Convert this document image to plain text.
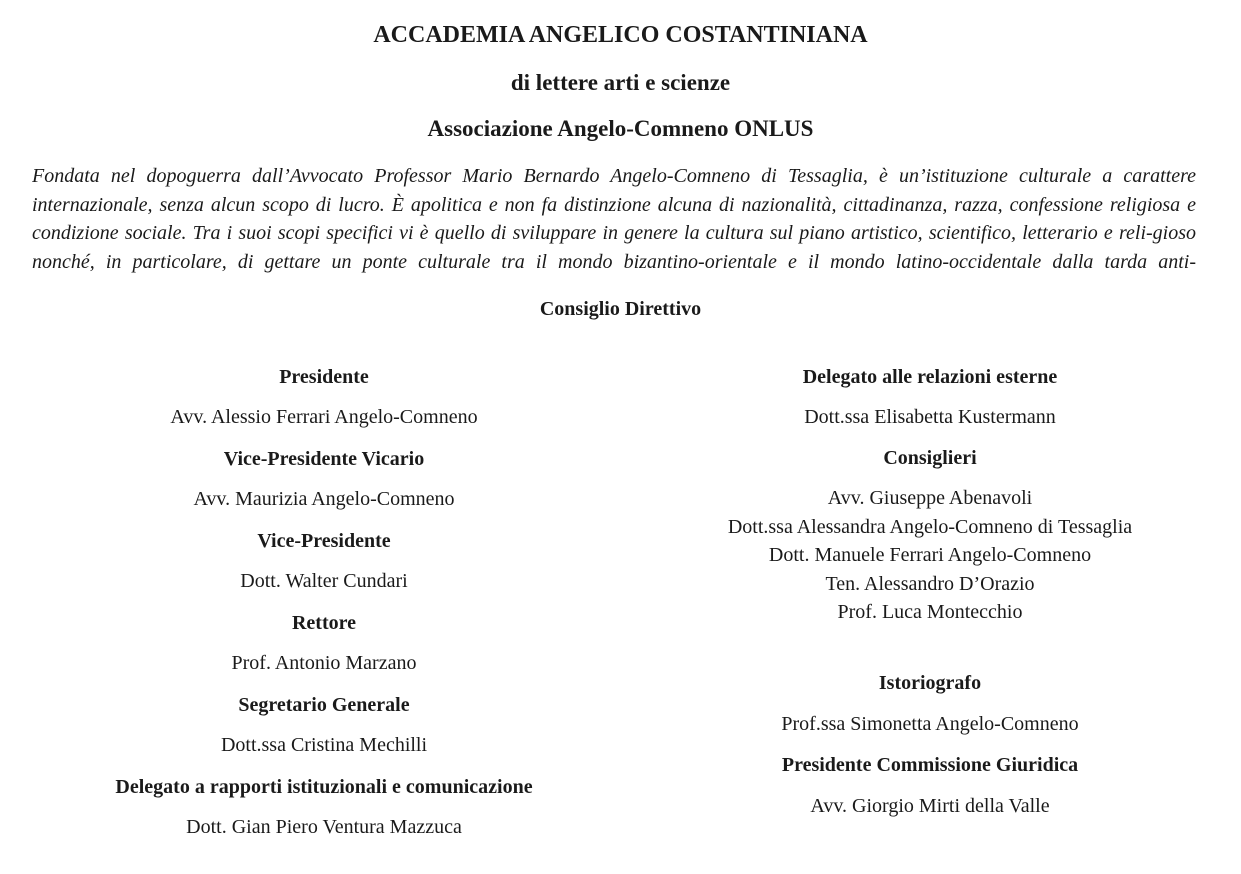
ACCADEMIA ANGELICO COSTANTINIANA
di lettere arti e scienze
Associazione Angelo-Comneno ONLUS

Fondata nel dopoguerra dall’Avvocato Professor Mario Bernardo Angelo-Comneno di Tessaglia, è un’istituzione culturale a carattere internazionale, senza alcun scopo di lucro. È apolitica e non fa distinzione alcuna di nazionalità, cittadinanza, razza, confessione religiosa e condizione sociale. Tra i suoi scopi specifici vi è quello di sviluppare in genere la cultura sul piano artistico, scientifico, letterario e reli-gioso nonché, in particolare, di gettare un ponte culturale tra il mondo bizantino-orientale e il mondo latino-occidentale dalla tarda anti-

Consiglio Direttivo

Presidente

Avv. Alessio Ferrari Angelo-Comneno

Vice-Presidente Vicario

Avv. Maurizia Angelo-Comneno

Vice-Presidente

Dott. Walter Cundari

Rettore

Prof. Antonio Marzano

Segretario Generale

Dott.ssa Cristina Mechilli

Delegato a rapporti istituzionali e comunicazione

Dott. Gian Piero Ventura Mazzuca

Delegato alle relazioni esterne

Dott.ssa Elisabetta Kustermann

Consiglieri

Avv. Giuseppe Abenavoli
Dott.ssa Alessandra Angelo-Comneno di Tessaglia
Dott. Manuele Ferrari Angelo-Comneno
Ten. Alessandro D’Orazio
Prof. Luca Montecchio

Istoriografo

Prof.ssa Simonetta Angelo-Comneno

Presidente Commissione Giuridica

Avv. Giorgio Mirti della Valle
